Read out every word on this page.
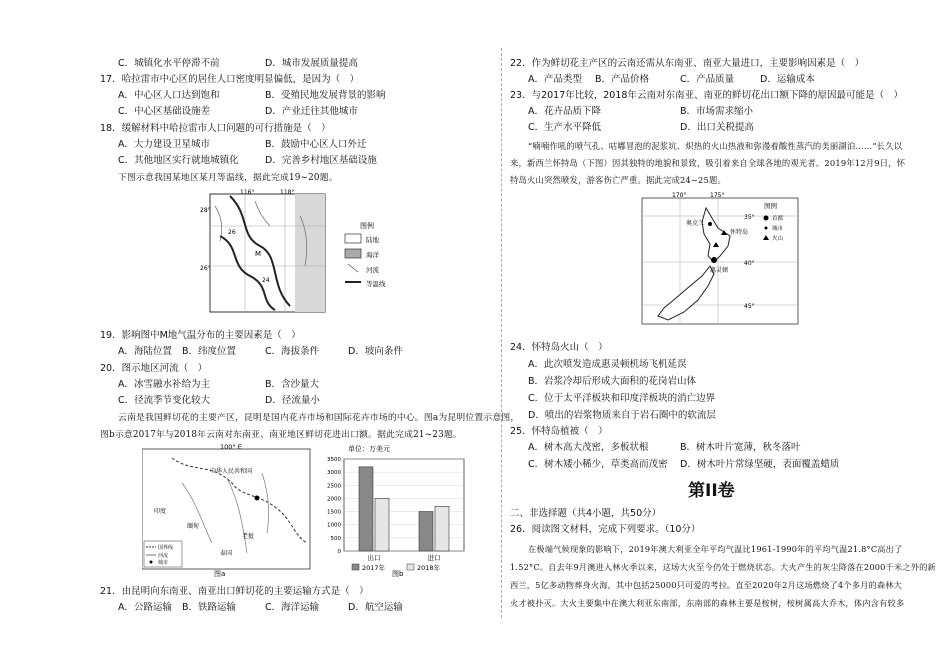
C．城镇化水平停滞不前	D．城市发展质量提高
17．哈拉雷市中心区的居住人口密度明显偏低，是因为（　）
A．中心区人口达到饱和	B．受殖民地发展背景的影响
C．中心区基础设施差	D．产业迁往其他城市
18．缓解材料中哈拉雷市人口问题的可行措施是（　）
A．大力建设卫星城市	B．鼓励中心区人口外迁
C．其他地区实行就地城镇化	D．完善乡村地区基础设施
下图示意我国某地区某月等温线，据此完成19~20题。
116°	118°
28°
26°
M
26
24
图例
陆地
海洋
河流
等温线
19．影响图中M地气温分布的主要因素是（　）
A．海陆位置 B．纬度位置	C．海拔条件	D．坡向条件
20．图示地区河流（　）
A．冰雪融水补给为主	B．含沙量大
C．径流季节变化较大	D．径流量小
云南是我国鲜切花的主要产区，昆明是国内花卉市场和国际花卉市场的中心。图a为昆明位置示意图，
图b示意2017年与2018年云南对东南亚、南亚地区鲜切花进出口额。据此完成21~23题。
100° E
中华人民共和国
印度
缅甸
老挝
泰国
国界线
河流
城市
图a
单位：万美元
0
500
1000
1500
2000
2500
3000
3500
出口	进口
2017年	2018年
图b
21．由昆明向东南亚、南亚出口鲜切花的主要运输方式是（　）
A．公路运输 B．铁路运输	C．海洋运输	D．航空运输
22．作为鲜切花主产区的云南还需从东南亚、南亚大量进口，主要影响因素是（　）
A．产品类型 B．产品价格	C．产品质量	D．运输成本
23．与2017年比较，2018年云南对东南亚、南亚的鲜切花出口额下降的原因最可能是（　）
A．花卉品质下降	B．市场需求缩小
C．生产水平降低	D．出口关税提高
“喃喃作吼的喷气孔、咕嘟冒泡的泥浆坑、炽热的火山热液和弥漫着酸性蒸汽的美丽湖泊……”长久以
来，新西兰怀特岛（下图）因其独特的地貌和景致，吸引着来自全球各地的观光者。2019年12月9日，怀
特岛火山突然喷发，游客伤亡严重。据此完成24~25题。
170°	175°
35°
40°
45°
奥克兰
怀特岛
惠灵顿
图例
首都
城市
火山
24．怀特岛火山（　）
A．此次喷发造成惠灵顿机场飞机延误
B．岩浆冷却后形成大面积的花岗岩山体
C．位于太平洋板块和印度洋板块的消亡边界
D．喷出的岩浆物质来自于岩石圈中的软流层
25．怀特岛植被（　）
A．树木高大茂密，多板状根	B．树木叶片宽薄，秋冬落叶
C．树木矮小稀少，草类高而茂密 D．树木叶片常绿坚硬，表面覆盖蜡质
第II卷
二、非选择题（共4小题，共50分）
26．阅读图文材料，完成下列要求。（10分）
在极端气候现象的影响下，2019年澳大利亚全年平均气温比1961-1990年的平均气温21.8°C高出了
1.52°C。自去年9月澳进入林火季以来，这场大火至今仍处于燃烧状态。大火产生的灰尘降落在2000千米之外的新
西兰，5亿多动物葬身火海，其中包括25000只可爱的考拉。直至2020年2月这场燃烧了4个多月的森林大
火才被扑灭。大火主要集中在澳大利亚东南部，东南部的森林主要是桉树，桉树属高大乔木，体内含有较多
